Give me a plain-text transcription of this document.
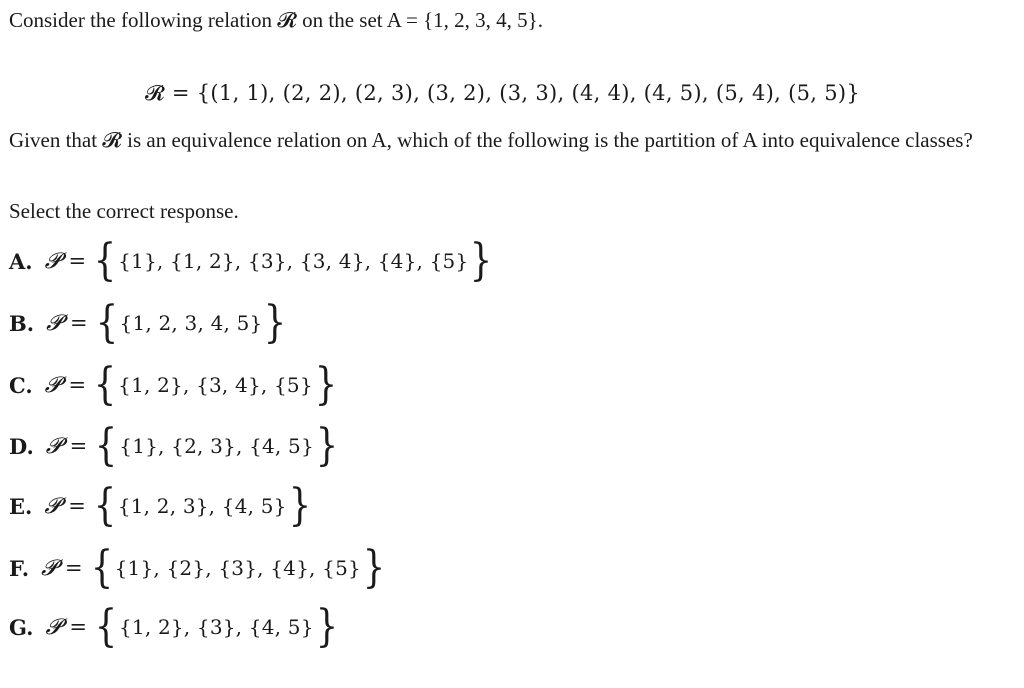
Consider the following relation 𝓡 on the set A = {1, 2, 3, 4, 5}.
𝓡 = {(1, 1), (2, 2), (2, 3), (3, 2), (3, 3), (4, 4), (4, 5), (5, 4), (5, 5)}
Given that 𝓡 is an equivalence relation on A, which of the following is the partition of A into equivalence classes?
Select the correct response.
A. 𝓟 = { {1}, {1, 2}, {3}, {3, 4}, {4}, {5} }
B. 𝓟 = { {1, 2, 3, 4, 5} }
C. 𝓟 = { {1, 2}, {3, 4}, {5} }
D. 𝓟 = { {1}, {2, 3}, {4, 5} }
E. 𝓟 = { {1, 2, 3}, {4, 5} }
F. 𝓟 = { {1}, {2}, {3}, {4}, {5} }
G. 𝓟 = { {1, 2}, {3}, {4, 5} }
